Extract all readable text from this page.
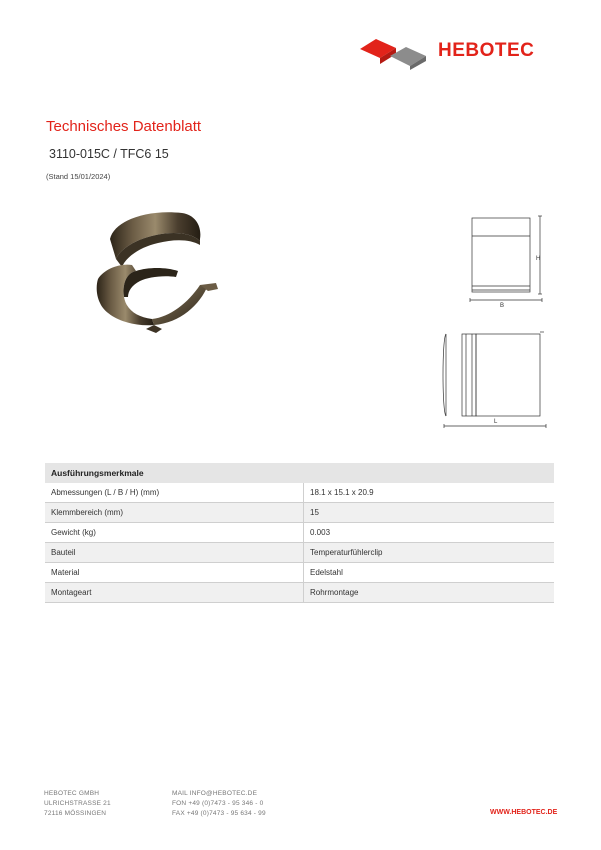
HEBOTEC
Technisches Datenblatt
3110-015C / TFC6 15
(Stand 15/01/2024)
H
B
L
Ausführungsmerkmale	
Abmessungen (L / B / H) (mm)	18.1 x 15.1 x 20.9
Klemmbereich (mm)	15
Gewicht (kg)	0.003
Bauteil	Temperaturfühlerclip
Material	Edelstahl
Montageart	Rohrmontage
HEBOTEC GMBH
ULRICHSTRASSE 21
72116 MÖSSINGEN
MAIL INFO@HEBOTEC.DE
FON +49 (0)7473 - 95 346 - 0
FAX +49 (0)7473 - 95 634 - 99	WWW.HEBOTEC.DE
